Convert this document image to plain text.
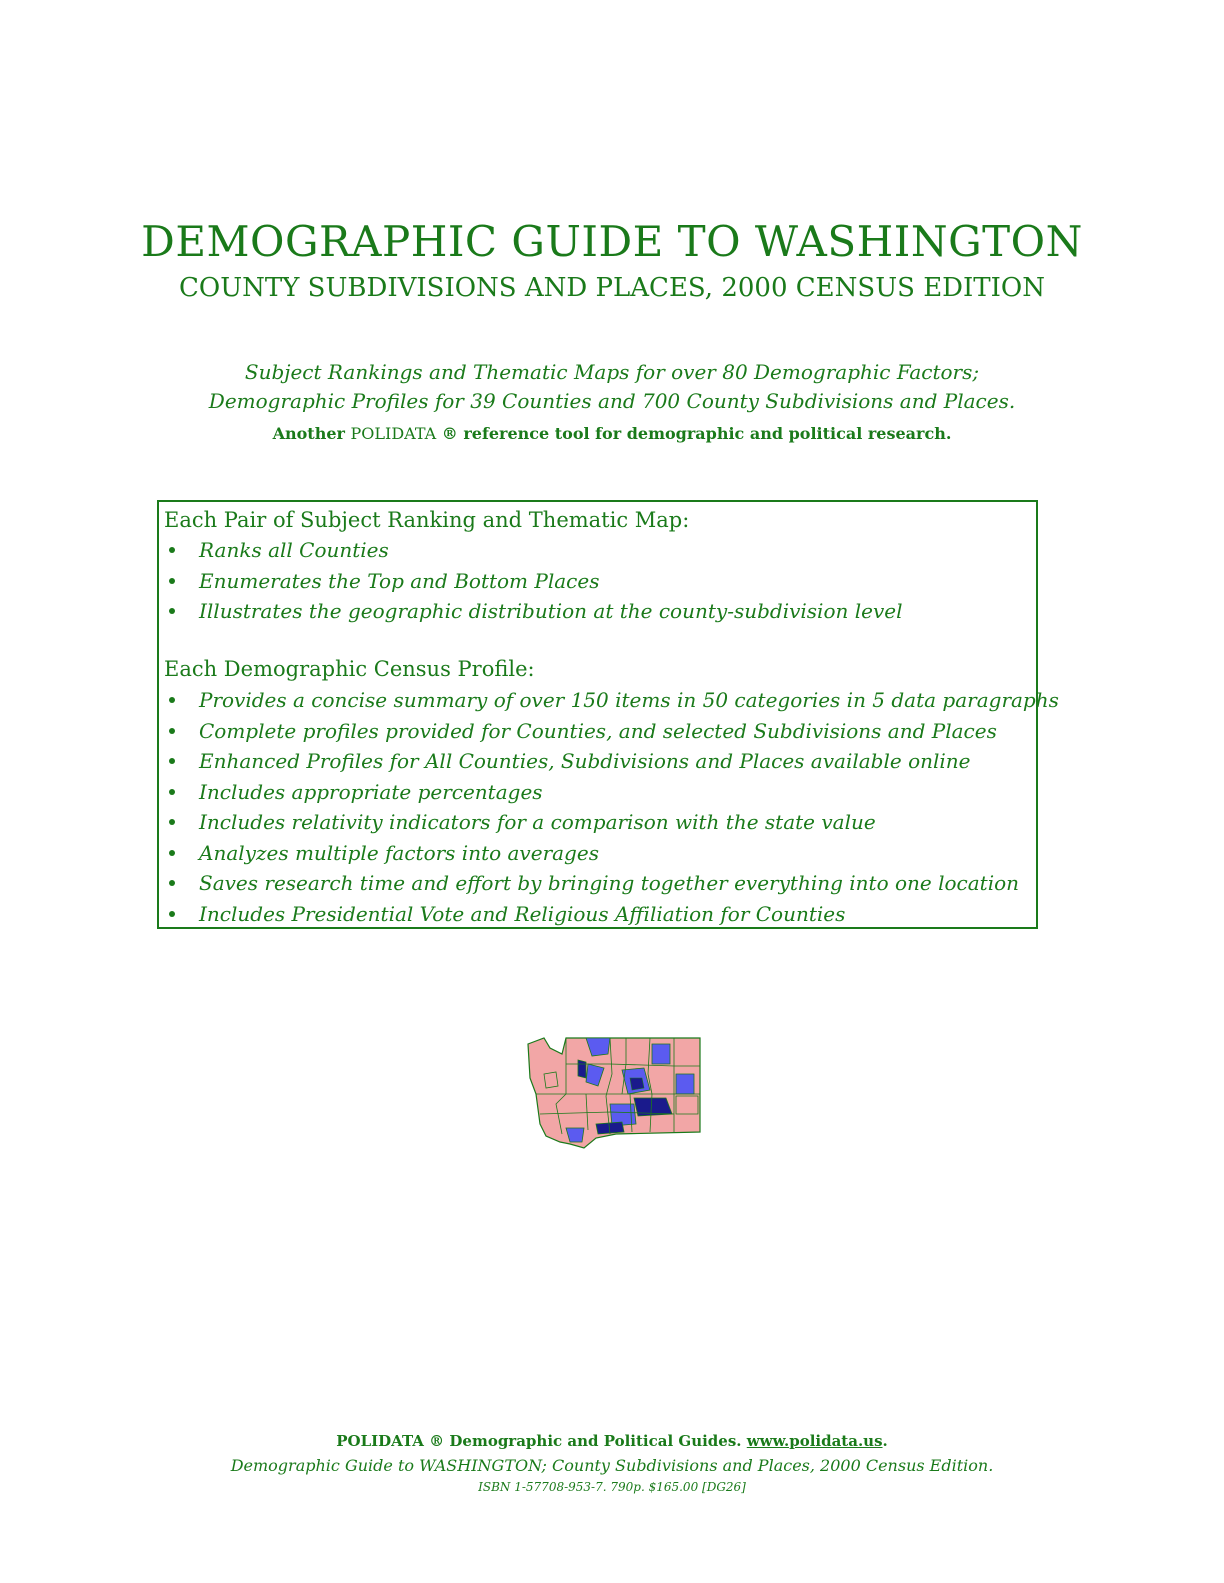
DEMOGRAPHIC GUIDE TO WASHINGTON
COUNTY SUBDIVISIONS AND PLACES, 2000 CENSUS EDITION
Subject Rankings and Thematic Maps for over 80 Demographic Factors;
Demographic Profiles for 39 Counties and 700 County Subdivisions and Places.
Another POLIDATA ® reference tool for demographic and political research.
Each Pair of Subject Ranking and Thematic Map:
Ranks all Counties
Enumerates the Top and Bottom Places
Illustrates the geographic distribution at the county-subdivision level
Each Demographic Census Profile:
Provides a concise summary of over 150 items in 50 categories in 5 data paragraphs
Complete profiles provided for Counties, and selected Subdivisions and Places
Enhanced Profiles for All Counties, Subdivisions and Places available online
Includes appropriate percentages
Includes relativity indicators for a comparison with the state value
Analyzes multiple factors into averages
Saves research time and effort by bringing together everything into one location
Includes Presidential Vote and Religious Affiliation for Counties
POLIDATA ® Demographic and Political Guides. www.polidata.us.
Demographic Guide to WASHINGTON; County Subdivisions and Places, 2000 Census Edition.
ISBN 1-57708-953-7. 790p. $165.00 [DG26]
